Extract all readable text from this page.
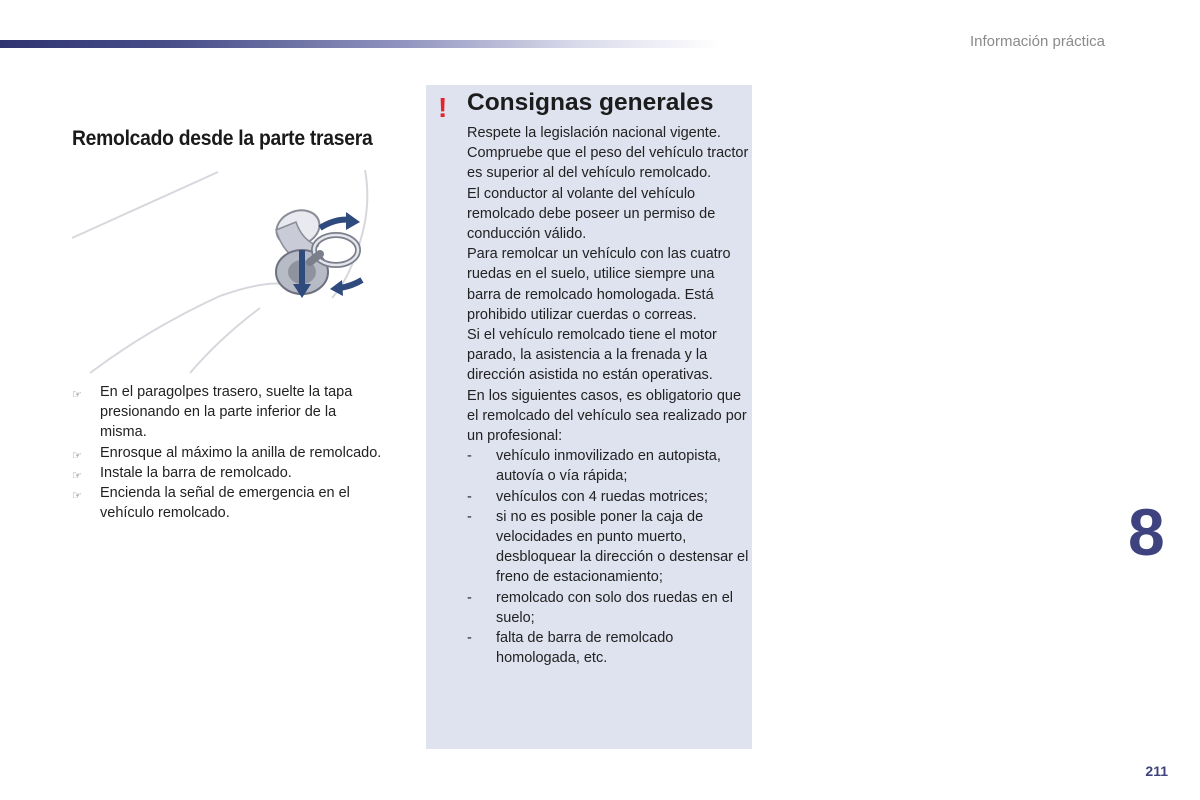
Información práctica
Remolcado desde la parte trasera
☞ En el paragolpes trasero, suelte la tapa presionando en la parte inferior de la misma.
☞ Enrosque al máximo la anilla de remolcado.
☞ Instale la barra de remolcado.
☞ Encienda la señal de emergencia en el vehículo remolcado.
! Consignas generales

Respete la legislación nacional vigente.

Compruebe que el peso del vehículo tractor es superior al del vehículo remolcado.

El conductor al volante del vehículo remolcado debe poseer un permiso de conducción válido.

Para remolcar un vehículo con las cuatro ruedas en el suelo, utilice siempre una barra de remolcado homologada. Está prohibido utilizar cuerdas o correas.

Si el vehículo remolcado tiene el motor parado, la asistencia a la frenada y la dirección asistida no están operativas.

En los siguientes casos, es obligatorio que el remolcado del vehículo sea realizado por un profesional:

- vehículo inmovilizado en autopista, autovía o vía rápida;
- vehículos con 4 ruedas motrices;
- si no es posible poner la caja de velocidades en punto muerto, desbloquear la dirección o destensar el freno de estacionamiento;
- remolcado con solo dos ruedas en el suelo;
- falta de barra de remolcado homologada, etc.
8
211
